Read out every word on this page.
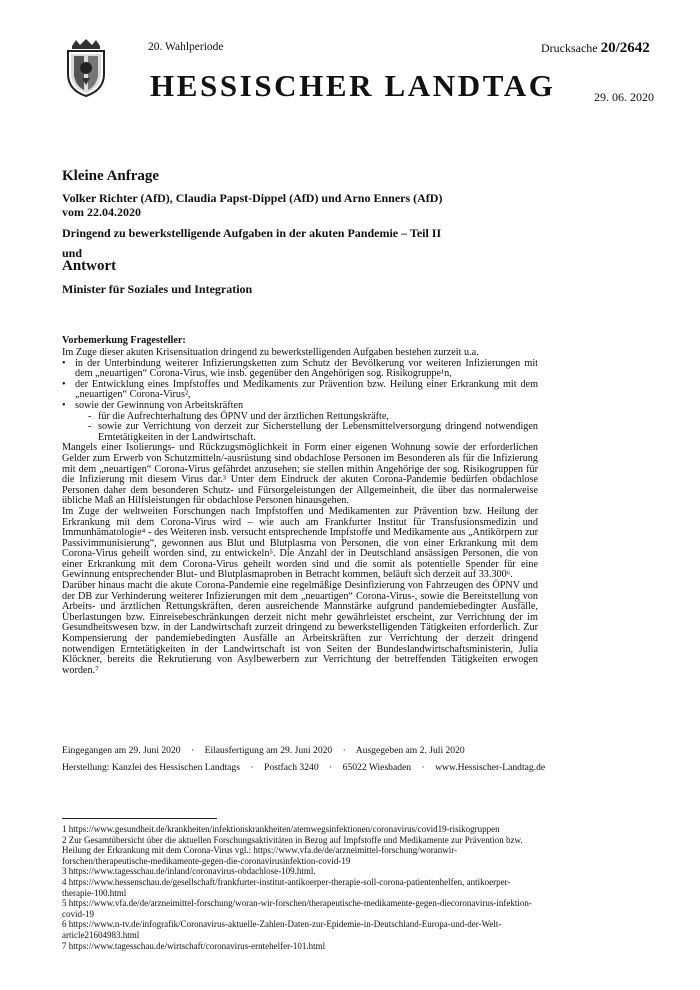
20. Wahlperiode	Drucksache 20/2642
HESSISCHER LANDTAG	29. 06. 2020
Kleine Anfrage
Volker Richter (AfD), Claudia Papst-Dippel (AfD) und Arno Enners (AfD)
vom 22.04.2020
Dringend zu bewerkstelligende Aufgaben in der akuten Pandemie – Teil II
und
Antwort
Minister für Soziales und Integration
Vorbemerkung Fragesteller:

Im Zuge dieser akuten Krisensituation dringend zu bewerkstelligenden Aufgaben bestehen zurzeit u.a.

• in der Unterbindung weiterer Infizierungsketten zum Schutz der Bevölkerung vor weiteren Infizierungen mit dem „neuartigen“ Corona-Virus, wie insb. gegenüber den Angehörigen sog. Risikogruppe¹n,
• der Entwicklung eines Impfstoffes und Medikaments zur Prävention bzw. Heilung einer Erkrankung mit dem „neuartigen“ Corona-Virus²,
• sowie der Gewinnung von Arbeitskräften
- für die Aufrechterhaltung des ÖPNV und der ärztlichen Rettungskräfte,
- sowie zur Verrichtung von derzeit zur Sicherstellung der Lebensmittelversorgung dringend notwendigen Erntetätigkeiten in der Landwirtschaft.

Mangels einer Isolierungs- und Rückzugsmöglichkeit in Form einer eigenen Wohnung sowie der erforderlichen Gelder zum Erwerb von Schutzmitteln/-ausrüstung sind obdachlose Personen im Besonderen als für die Infizierung mit dem „neuartigen“ Corona-Virus gefährdet anzusehen; sie stellen mithin Angehörige der sog. Risikogruppen für die Infizierung mit diesem Virus dar.³ Unter dem Eindruck der akuten Corona-Pandemie bedürfen obdachlose Personen daher dem besonderen Schutz- und Fürsorgeleistungen der Allgemeinheit, die über das normalerweise übliche Maß an Hilfsleistungen für obdachlose Personen hinausgehen.

Im Zuge der weltweiten Forschungen nach Impfstoffen und Medikamenten zur Prävention bzw. Heilung der Erkrankung mit dem Corona-Virus wird – wie auch am Frankfurter Institut für Transfusionsmedizin und Immunhämatologie⁴ - des Weiteren insb. versucht entsprechende Impfstoffe und Medikamente aus „Antikörpern zur Passivimmunisierung“, gewonnen aus Blut und Blutplasma von Personen, die von einer Erkrankung mit dem Corona-Virus geheilt worden sind, zu entwickeln⁵. Die Anzahl der in Deutschland ansässigen Personen, die von einer Erkrankung mit dem Corona-Virus geheilt worden sind und die somit als potentielle Spender für eine Gewinnung entsprechender Blut- und Blutplasmaproben in Betracht kommen, beläuft sich derzeit auf 33.300⁶.

Darüber hinaus macht die akute Corona-Pandemie eine regelmäßige Desinfizierung von Fahrzeugen des ÖPNV und der DB zur Verhinderung weiterer Infizierungen mit dem „neuartigen“ Corona-Virus-, sowie die Bereitstellung von Arbeits- und ärztlichen Rettungskräften, deren ausreichende Mannstärke aufgrund pandemiebedingter Ausfälle, Überlastungen bzw. Einreisebeschränkungen derzeit nicht mehr gewährleistet erscheint, zur Verrichtung der im Gesundheitswesen bzw. in der Landwirtschaft zurzeit dringend zu bewerkstelligenden Tätigkeiten erforderlich. Zur Kompensierung der pandemiebedingten Ausfälle an Arbeitskräften zur Verrichtung der derzeit dringend notwendigen Erntetätigkeiten in der Landwirtschaft ist von Seiten der Bundeslandwirtschaftsministerin, Julia Klöckner, bereits die Rekrutierung von Asylbewerbern zur Verrichtung der betreffenden Tätigkeiten erwogen worden.⁷

Eingegangen am 29. Juni 2020 · Eilausfertigung am 29. Juni 2020 · Ausgegeben am 2. Juli 2020
Herstellung: Kanzlei des Hessischen Landtags · Postfach 3240 · 65022 Wiesbaden · www.Hessischer-Landtag.de
1 https://www.gesundheit.de/krankheiten/infektionskrankheiten/atemwegsinfektionen/coronavirus/covid19-risikogruppen
2 Zur Gesamtübersicht über die aktuellen Forschungsaktivitäten in Bezug auf Impfstoffe und Medikamente zur Prävention bzw. Heilung der Erkrankung mit dem Corona-Virus vgl.: https://www.vfa.de/de/arzneimittel-forschung/woranwir-forschen/therapeutische-medikamente-gegen-die-coronavirusinfektion-covid-19
3 https://www.tagesschau.de/inland/coronavirus-obdachlose-109.html.
4 https://www.hessenschau.de/gesellschaft/frankfurter-institut-antikoerper-therapie-soll-corona-patientenhelfen, antikoerper-therapie-100.html
5 https://www.vfa.de/de/arzneimittel-forschung/woran-wir-forschen/therapeutische-medikamente-gegen-diecoronavirus-infektion-covid-19
6 https://www.n-tv.de/infografik/Coronavirus-aktuelle-Zahlen-Daten-zur-Epidemie-in-Deutschland-Europa-und-der-Welt-article21604983.html
7 https://www.tagesschau.de/wirtschaft/coronavirus-erntehelfer-101.html
